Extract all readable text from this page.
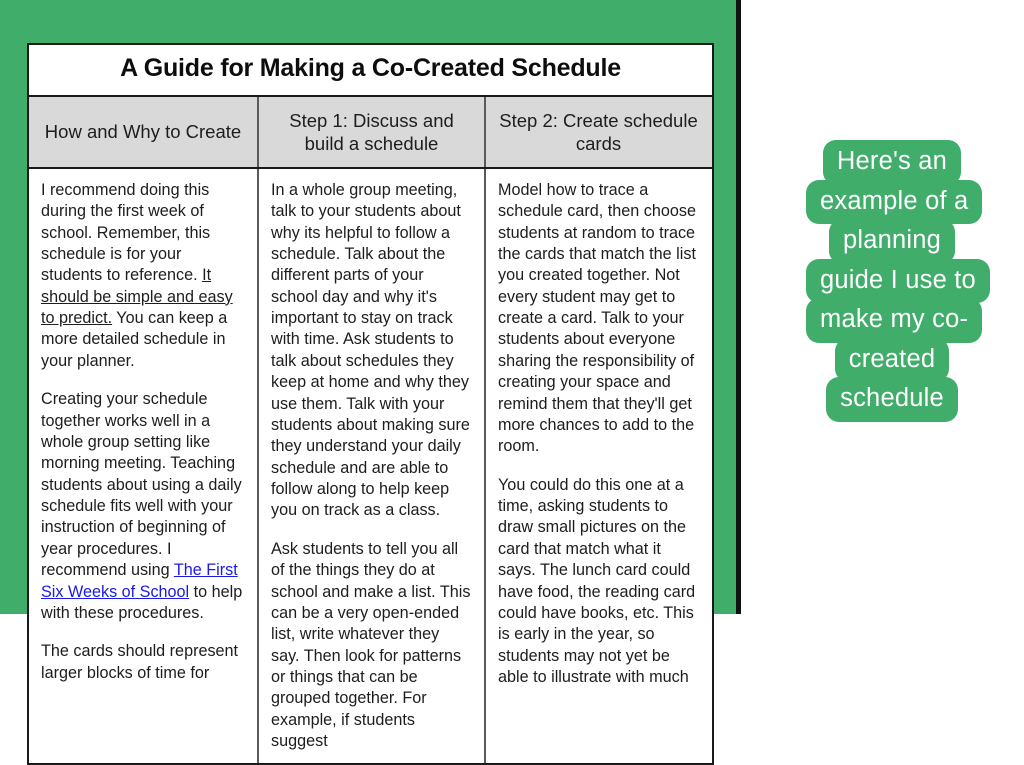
A Guide for Making a Co-Created Schedule
How and Why to Create
Step 1: Discuss and build a schedule
Step 2: Create schedule cards

I recommend doing this during the first week of school. Remember, this schedule is for your students to reference. It should be simple and easy to predict. You can keep a more detailed schedule in your planner.

Creating your schedule together works well in a whole group setting like morning meeting. Teaching students about using a daily schedule fits well with your instruction of beginning of year procedures. I recommend using The First Six Weeks of School to help with these procedures.

The cards should represent larger blocks of time for

In a whole group meeting, talk to your students about why its helpful to follow a schedule. Talk about the different parts of your school day and why it's important to stay on track with time. Ask students to talk about schedules they keep at home and why they use them. Talk with your students about making sure they understand your daily schedule and are able to follow along to help keep you on track as a class.

Ask students to tell you all of the things they do at school and make a list. This can be a very open-ended list, write whatever they say. Then look for patterns or things that can be grouped together. For example, if students suggest

Model how to trace a schedule card, then choose students at random to trace the cards that match the list you created together. Not every student may get to create a card. Talk to your students about everyone sharing the responsibility of creating your space and remind them that they'll get more chances to add to the room.

You could do this one at a time, asking students to draw small pictures on the card that match what it says. The lunch card could have food, the reading card could have books, etc. This is early in the year, so students may not yet be able to illustrate with much

Here's an
example of a
planning
guide I use to
make my co-
created
schedule
